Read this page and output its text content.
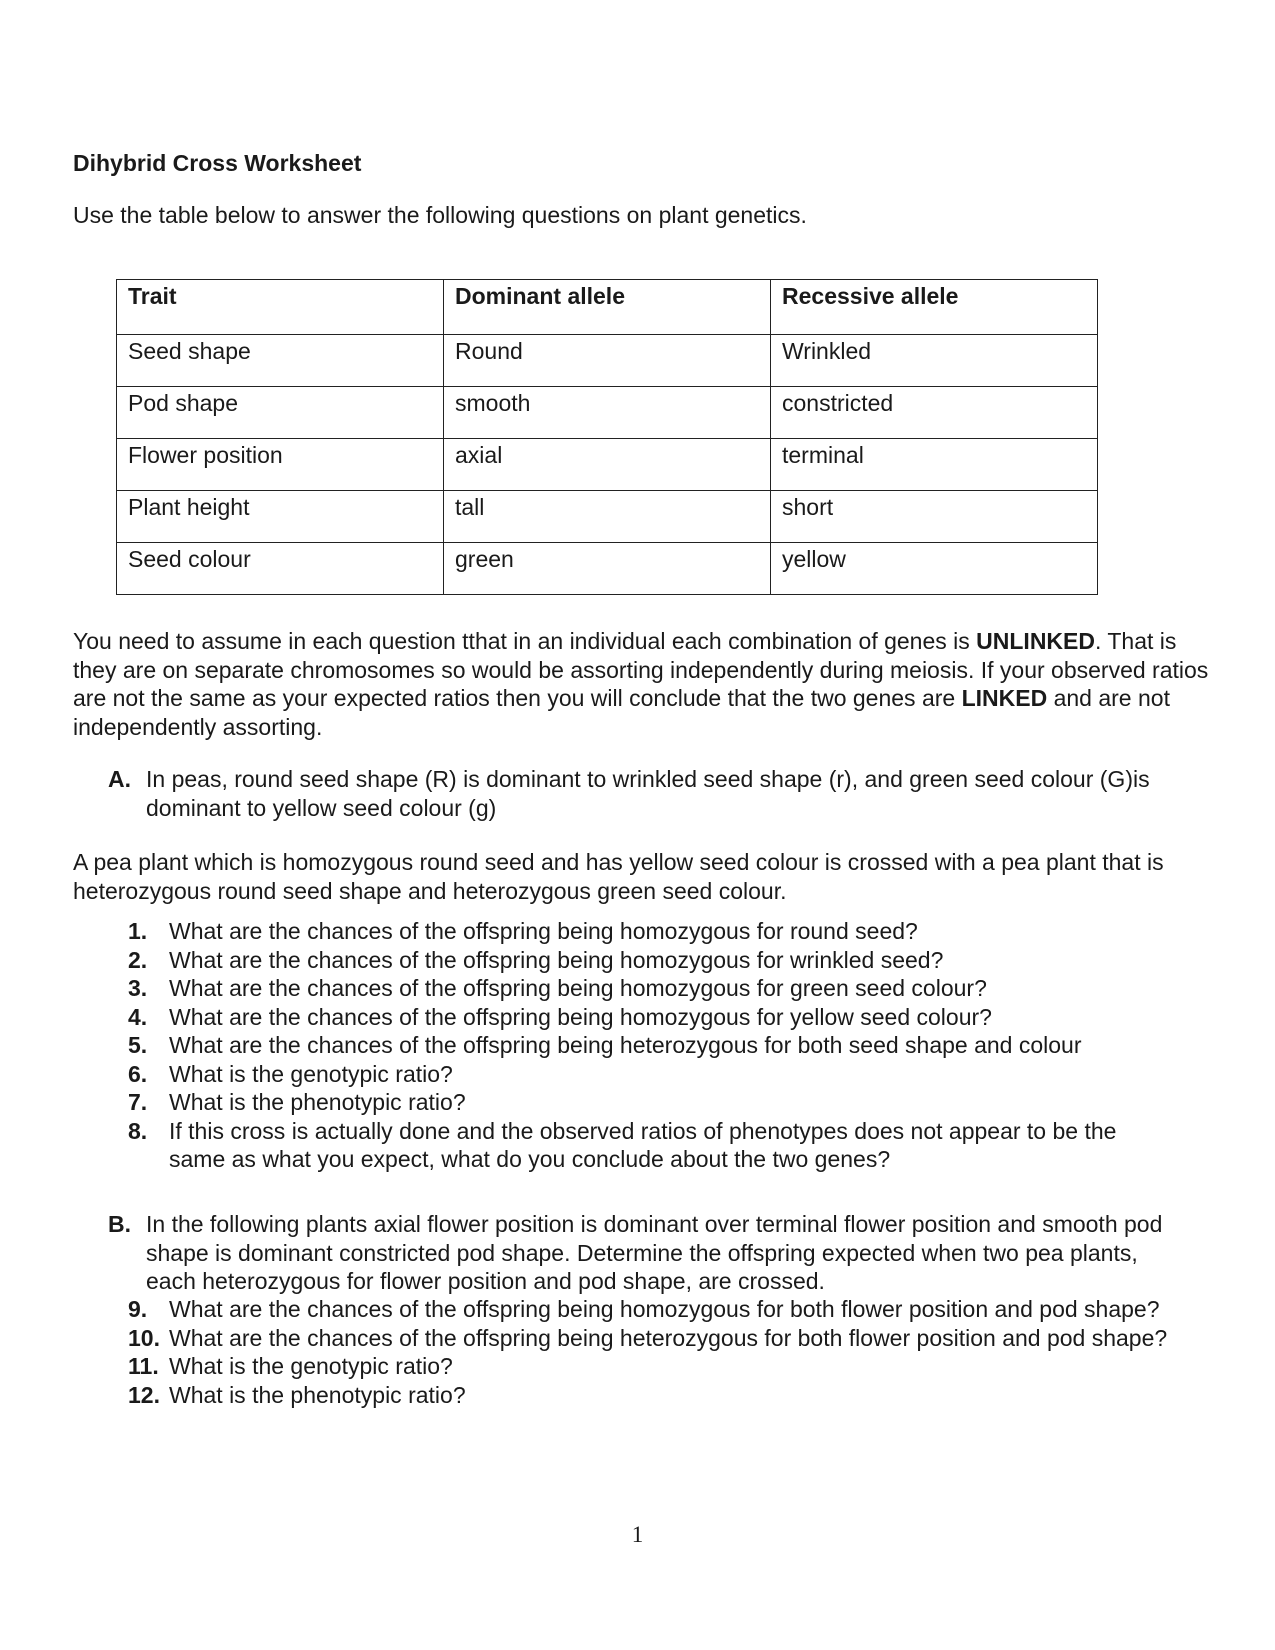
Dihybrid Cross Worksheet

Use the table below to answer the following questions on plant genetics.

Trait	Dominant allele	Recessive allele
Seed shape	Round	Wrinkled
Pod shape	smooth	constricted
Flower position	axial	terminal
Plant height	tall	short
Seed colour	green	yellow

You need to assume in each question tthat in an individual each combination of genes is UNLINKED. That is they are on separate chromosomes so would be assorting independently during meiosis. If your observed ratios are not the same as your expected ratios then you will conclude that the two genes are LINKED and are not independently assorting.

A. In peas, round seed shape (R) is dominant to wrinkled seed shape (r), and green seed colour (G)is dominant to yellow seed colour (g)

A pea plant which is homozygous round seed and has yellow seed colour is crossed with a pea plant that is heterozygous round seed shape and heterozygous green seed colour.

1. What are the chances of the offspring being homozygous for round seed?
2. What are the chances of the offspring being homozygous for wrinkled seed?
3. What are the chances of the offspring being homozygous for green seed colour?
4. What are the chances of the offspring being homozygous for yellow seed colour?
5. What are the chances of the offspring being heterozygous for both seed shape and colour
6. What is the genotypic ratio?
7. What is the phenotypic ratio?
8. If this cross is actually done and the observed ratios of phenotypes does not appear to be the same as what you expect, what do you conclude about the two genes?

B. In the following plants axial flower position is dominant over terminal flower position and smooth pod shape is dominant constricted pod shape. Determine the offspring expected when two pea plants, each heterozygous for flower position and pod shape, are crossed.

9. What are the chances of the offspring being homozygous for both flower position and pod shape?
10. What are the chances of the offspring being heterozygous for both flower position and pod shape?
11. What is the genotypic ratio?
12. What is the phenotypic ratio?
1
